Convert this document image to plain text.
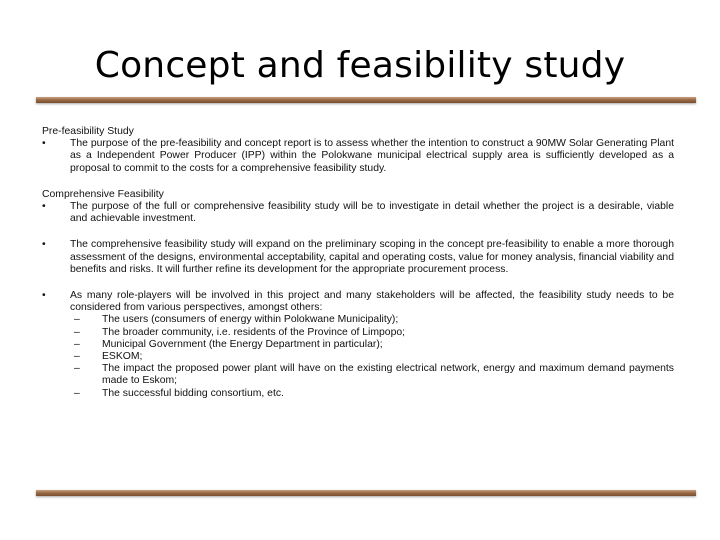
Concept and feasibility study
Pre-feasibility Study
• The purpose of the pre-feasibility and concept report is to assess whether the intention to construct a 90MW Solar Generating Plant as a Independent Power Producer (IPP) within the Polokwane municipal electrical supply area is sufficiently developed as a proposal to commit to the costs for a comprehensive feasibility study.
Comprehensive Feasibility
• The purpose of the full or comprehensive feasibility study will be to investigate in detail whether the project is a desirable, viable and achievable investment.
• The comprehensive feasibility study will expand on the preliminary scoping in the concept pre-feasibility to enable a more thorough assessment of the designs, environmental acceptability, capital and operating costs, value for money analysis, financial viability and benefits and risks. It will further refine its development for the appropriate procurement process.
• As many role-players will be involved in this project and many stakeholders will be affected, the feasibility study needs to be considered from various perspectives, amongst others:
– The users (consumers of energy within Polokwane Municipality);
– The broader community, i.e. residents of the Province of Limpopo;
– Municipal Government (the Energy Department in particular);
– ESKOM;
– The impact the proposed power plant will have on the existing electrical network, energy and maximum demand payments made to Eskom;
– The successful bidding consortium, etc.
